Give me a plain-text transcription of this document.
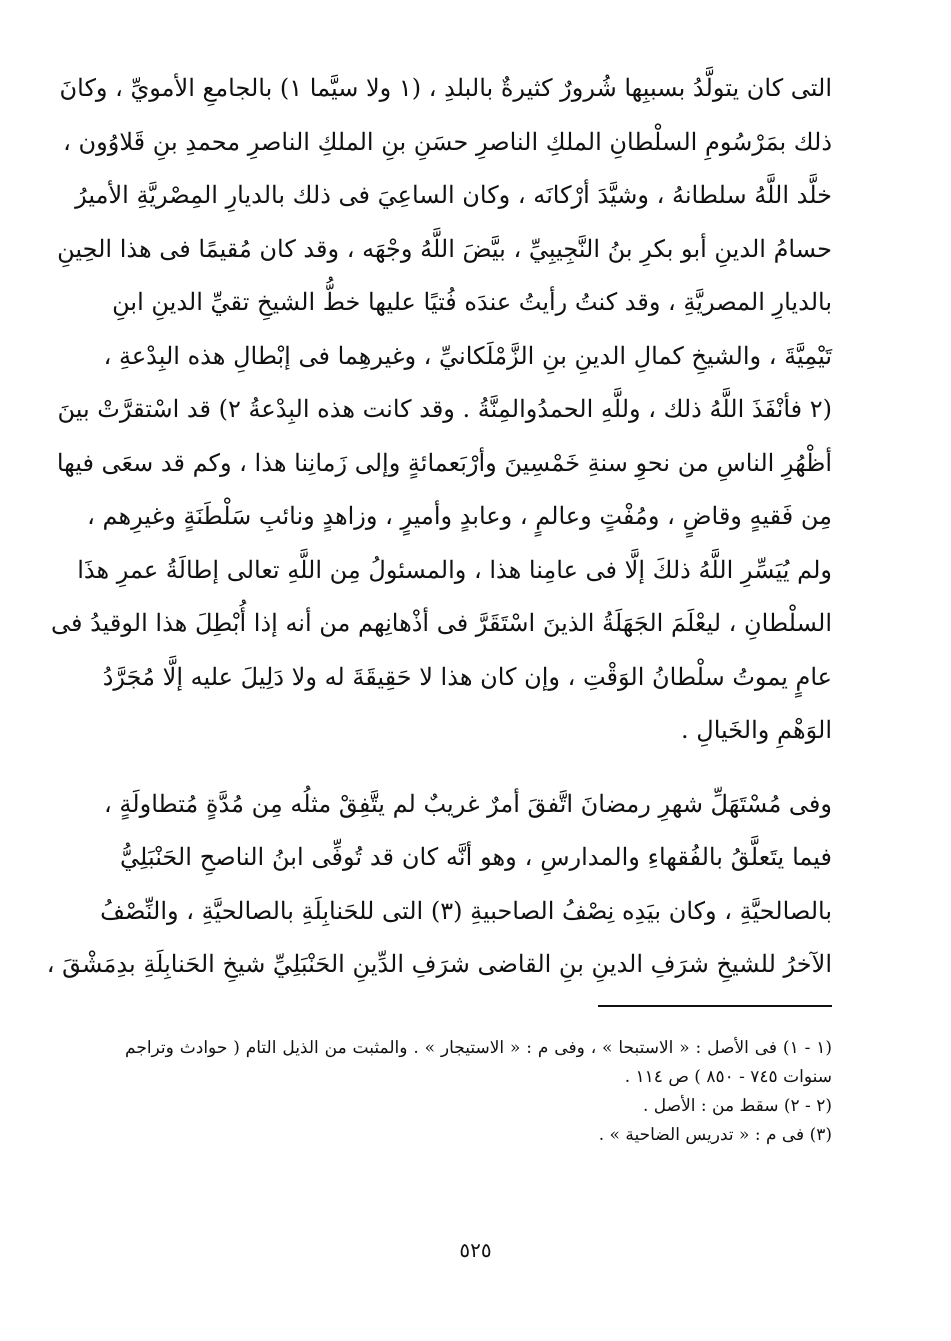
التى كان يتولَّدُ بسببِها شُرورٌ كثيرةٌ بالبلدِ ، (١ ولا سيَّما ١) بالجامعِ الأمويِّ ، وكانَ
ذلك بمَرْسُومِ السلْطانِ الملكِ الناصرِ حسَنِ بنِ الملكِ الناصرِ محمدِ بنِ قَلاوُون ،
خلَّد اللَّهُ سلطانهُ ، وشيَّدَ أرْكانَه ، وكان الساعِيَ فى ذلك بالديارِ المِصْريَّةِ الأميرُ
حسامُ الدينِ أبو بكرِ بنُ النَّجِيبِيِّ ، بيَّضَ اللَّهُ وجْهَه ، وقد كان مُقيمًا فى هذا الحِينِ
بالديارِ المصريَّةِ ، وقد كنتُ رأيتُ عندَه فُتيًا عليها خطُّ الشيخِ تقيِّ الدينِ ابنِ
تَيْمِيَّةَ ، والشيخِ كمالِ الدينِ بنِ الزَّمْلَكانيِّ ، وغيرهِما فى إبْطالِ هذه البِدْعةِ ،
(٢ فأنْفَذَ اللَّهُ ذلك ، وللَّهِ الحمدُوالمِنَّةُ . وقد كانت هذه البِدْعةُ ٢) قد اسْتقرَّتْ بينَ
أظْهُرِ الناسِ من نحوِ سنةِ خَمْسِينَ وأرْبَعمائةٍ وإلى زَمانِنا هذا ، وكم قد سعَى فيها
مِن فَقيهٍ وقاضٍ ، ومُفْتٍ وعالمٍ ، وعابدٍ وأميرٍ ، وزاهدٍ ونائبِ سَلْطَنَةٍ وغيرِهم ،
ولم يُيَسِّرِ اللَّهُ ذلكَ إلَّا فى عامِنا هذا ، والمسئولُ مِن اللَّهِ تعالى إطالَةُ عمرِ هذَا
السلْطانِ ، ليعْلَمَ الجَهَلَةُ الذينَ اسْتَقَرَّ فى أذْهانِهم من أنه إذا أُبْطِلَ هذا الوقيدُ فى
عامٍ يموتُ سلْطانُ الوَقْتِ ، وإن كان هذا لا حَقِيقَةَ له ولا دَلِيلَ عليه إلَّا مُجَرَّدُ
الوَهْمِ والخَيالِ .
وفى مُسْتَهَلِّ شهرِ رمضانَ اتَّفقَ أمرٌ غريبٌ لم يتَّفِقْ مثلُه مِن مُدَّةٍ مُتطاولَةٍ ،
فيما يتَعلَّقُ بالفُقهاءِ والمدارسِ ، وهو أنَّه كان قد تُوفِّى ابنُ الناصحِ الحَنْبَلِيُّ
بالصالحيَّةِ ، وكان بيَدِه نِصْفُ الصاحبيةِ (٣) التى للحَنابِلَةِ بالصالحيَّةِ ، والنِّصْفُ
الآخرُ للشيخِ شرَفِ الدينِ بنِ القاضى شرَفِ الدِّينِ الحَنْبَلِيِّ شيخِ الحَنابِلَةِ بدِمَشْقَ ،
(١ - ١) فى الأصل : « الاستبحا » ، وفى م : « الاستيجار » . والمثبت من الذيل التام ( حوادث وتراجم
سنوات ٧٤٥ - ٨٥٠ ) ص ١١٤ .
(٢ - ٢) سقط من : الأصل .
(٣) فى م : « تدريس الضاحية » .
٥٢٥
